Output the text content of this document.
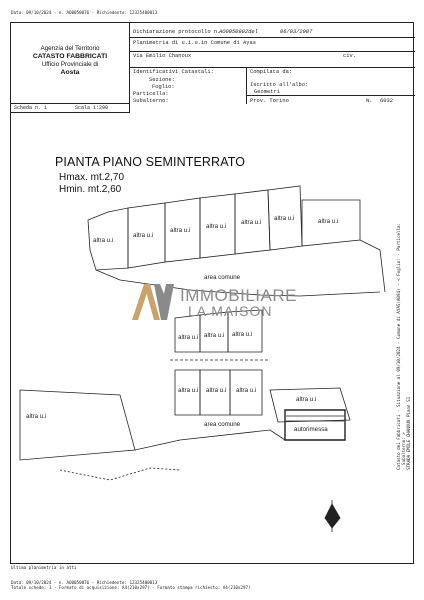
Data: 09/10/2024 - n. AO0050076 - Richiedente: 12325400013
Agenzia del Territorio
CATASTO FABBRICATI
Ufficio Provinciale di
Aosta
Dichiarazione protocollo n.
AO0050902del	06/03/2007
Planimetria di u.i.u.in Comune di Ayas
Via Emilio Chanoux	civ.
Identificativi Catastali:
Sezione:
Foglio:
Particella:
Subalterno:
Compilata da:
Iscritto all'albo:
Geometri
Prov. Torino	N. 6032
Scheda n. 1	Scala 1:200
PIANTA PIANO SEMINTERRATO
Hmax. mt.2,70
Hmin. mt.2,60
altra u.i
altra u.i
altra u.i
altra u.i
altra u.i
altra u.i	altra u.i
area comune
altra u.i altra u.i altra u.i
altra u.i altra u.i altra u.i
altra u.i
altra u.i
area comune
autorimessa
IMMOBILIARE
LA MAISON	Catasto dei Fabbricati - Situazione al 09/10/2024 - Comune di AYAS(A094) - < Foglio: - Particella: - Subalterno: > STRADA EMILE CHANOUX Piano S1
Ultima planimetria in atti
Data: 09/10/2024 - n. AO0050076 - Richiedente: 12325400013
Totale schede: 1 - Formato di acquisizione: A4(210x297) - Formato stampa richiesto: A4(210x297)
